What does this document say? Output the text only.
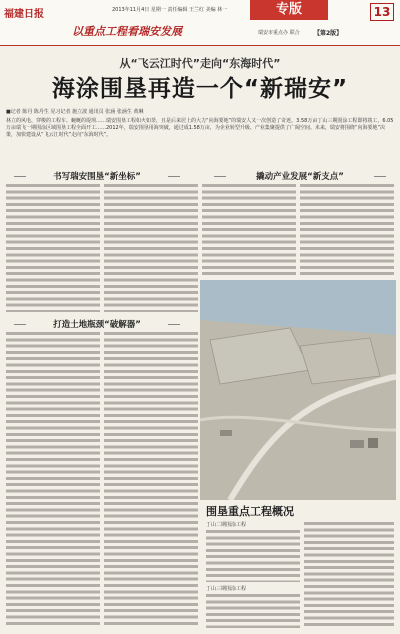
福建日报	2013年11月4日 星期一 责任编辑 王兰红 美编 林一	专版	13
以重点工程看瑞安发展	瑞安市重点办 联合 【第2版】
从“飞云江时代”走向“东海时代”
海涂围垦再造一个“新瑞安”
■记者 陈丹 陈丹生 见习记者 施立波 通讯员 张涵 张涵生 黄琳
林立的风电、穿梭的工程车、蜿蜒的堤坝……瑞安围垦工程如火如荼，且是后来居上的大力“向海要地”的瑞安人又一次创造了奇迹。3.58万亩丁山三期围涂工程即将竣工，6.05万亩瑞飞一期围涂区域围垦工程全面开工……2012年，瑞安围垦用海突破，通过成1.58万亩，为企业转型升级、产业集聚提供了广阔空间。未来，瑞安将围绕“向海要地”决策，加快建设从“飞云江时代”走向“东海时代”。
书写瑞安围垦“新坐标”
打造土地瓶颈“破解器”
撬动产业发展“新支点”
围垦重点工程概况
丁山二期围涂工程
丁山三期围涂工程
